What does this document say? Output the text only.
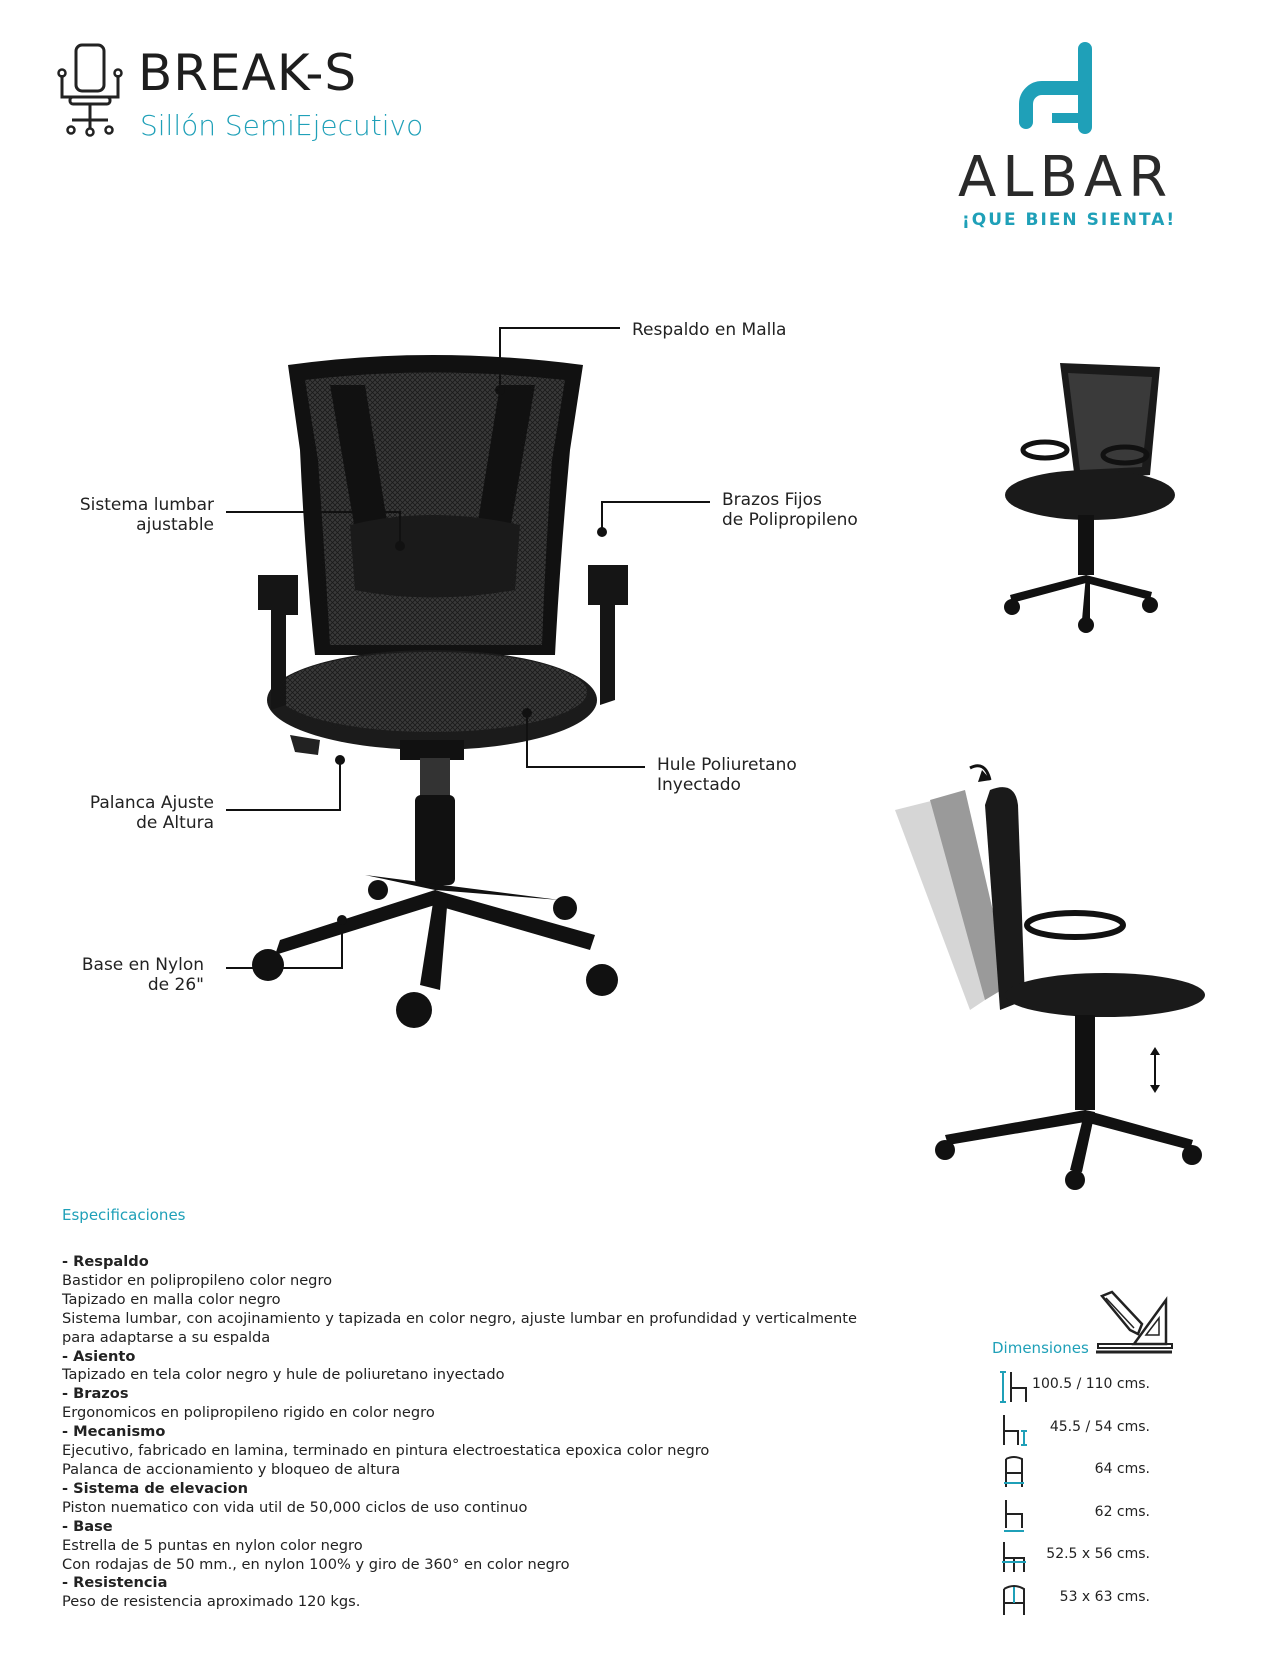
BREAK-S
Sillón SemiEjecutivo
ALBAR
¡QUE BIEN SIENTA!
Respaldo en Malla
Sistema lumbar
ajustable
Brazos Fijos
de Polipropileno
Hule Poliuretano
Inyectado
Palanca Ajuste
de Altura
Base en Nylon
de 26"
Especificaciones
- Respaldo
Bastidor en polipropileno color negro
Tapizado en malla color negro
Sistema lumbar, con acojinamiento y tapizada en color negro, ajuste lumbar en profundidad y verticalmente
para adaptarse a su espalda
- Asiento
Tapizado en tela color negro y hule de poliuretano inyectado
- Brazos
Ergonomicos en polipropileno rigido en color negro
- Mecanismo
Ejecutivo, fabricado en lamina, terminado en pintura electroestatica epoxica color negro
Palanca de accionamiento y bloqueo de altura
- Sistema de elevacion
Piston nuematico con vida util de 50,000 ciclos de uso continuo
- Base
Estrella de 5 puntas en nylon color negro
Con rodajas de 50 mm., en nylon 100% y giro de 360° en color negro
- Resistencia
Peso de resistencia aproximado 120 kgs.
Dimensiones
100.5 / 110 cms.
45.5 / 54 cms.
64 cms.
62 cms.
52.5 x 56 cms.
53 x 63 cms.
